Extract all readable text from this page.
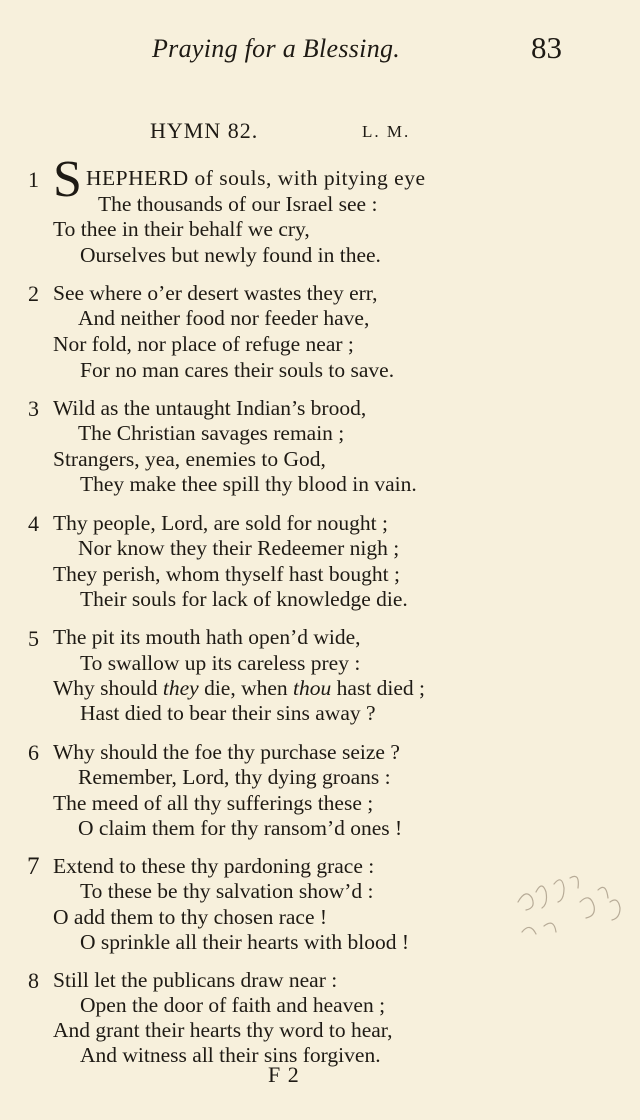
Praying for a Blessing.	83
HYMN 82.	L. M.
1 S HEPHERD of souls, with pitying eye
The thousands of our Israel see :
To thee in their behalf we cry,
Ourselves but newly found in thee.
2 See where o’er desert wastes they err,
And neither food nor feeder have,
Nor fold, nor place of refuge near ;
For no man cares their souls to save.
3 Wild as the untaught Indian’s brood,
The Christian savages remain ;
Strangers, yea, enemies to God,
They make thee spill thy blood in vain.
4 Thy people, Lord, are sold for nought ;
Nor know they their Redeemer nigh ;
They perish, whom thyself hast bought ;
Their souls for lack of knowledge die.
5 The pit its mouth hath open’d wide,
To swallow up its careless prey :
Why should they die, when thou hast died ;
Hast died to bear their sins away ?
6 Why should the foe thy purchase seize ?
Remember, Lord, thy dying groans :
The meed of all thy sufferings these ;
O claim them for thy ransom’d ones !
7 Extend to these thy pardoning grace :
To these be thy salvation show’d :
O add them to thy chosen race !
O sprinkle all their hearts with blood !
8 Still let the publicans draw near :
Open the door of faith and heaven ;
And grant their hearts thy word to hear,
And witness all their sins forgiven.
F 2
